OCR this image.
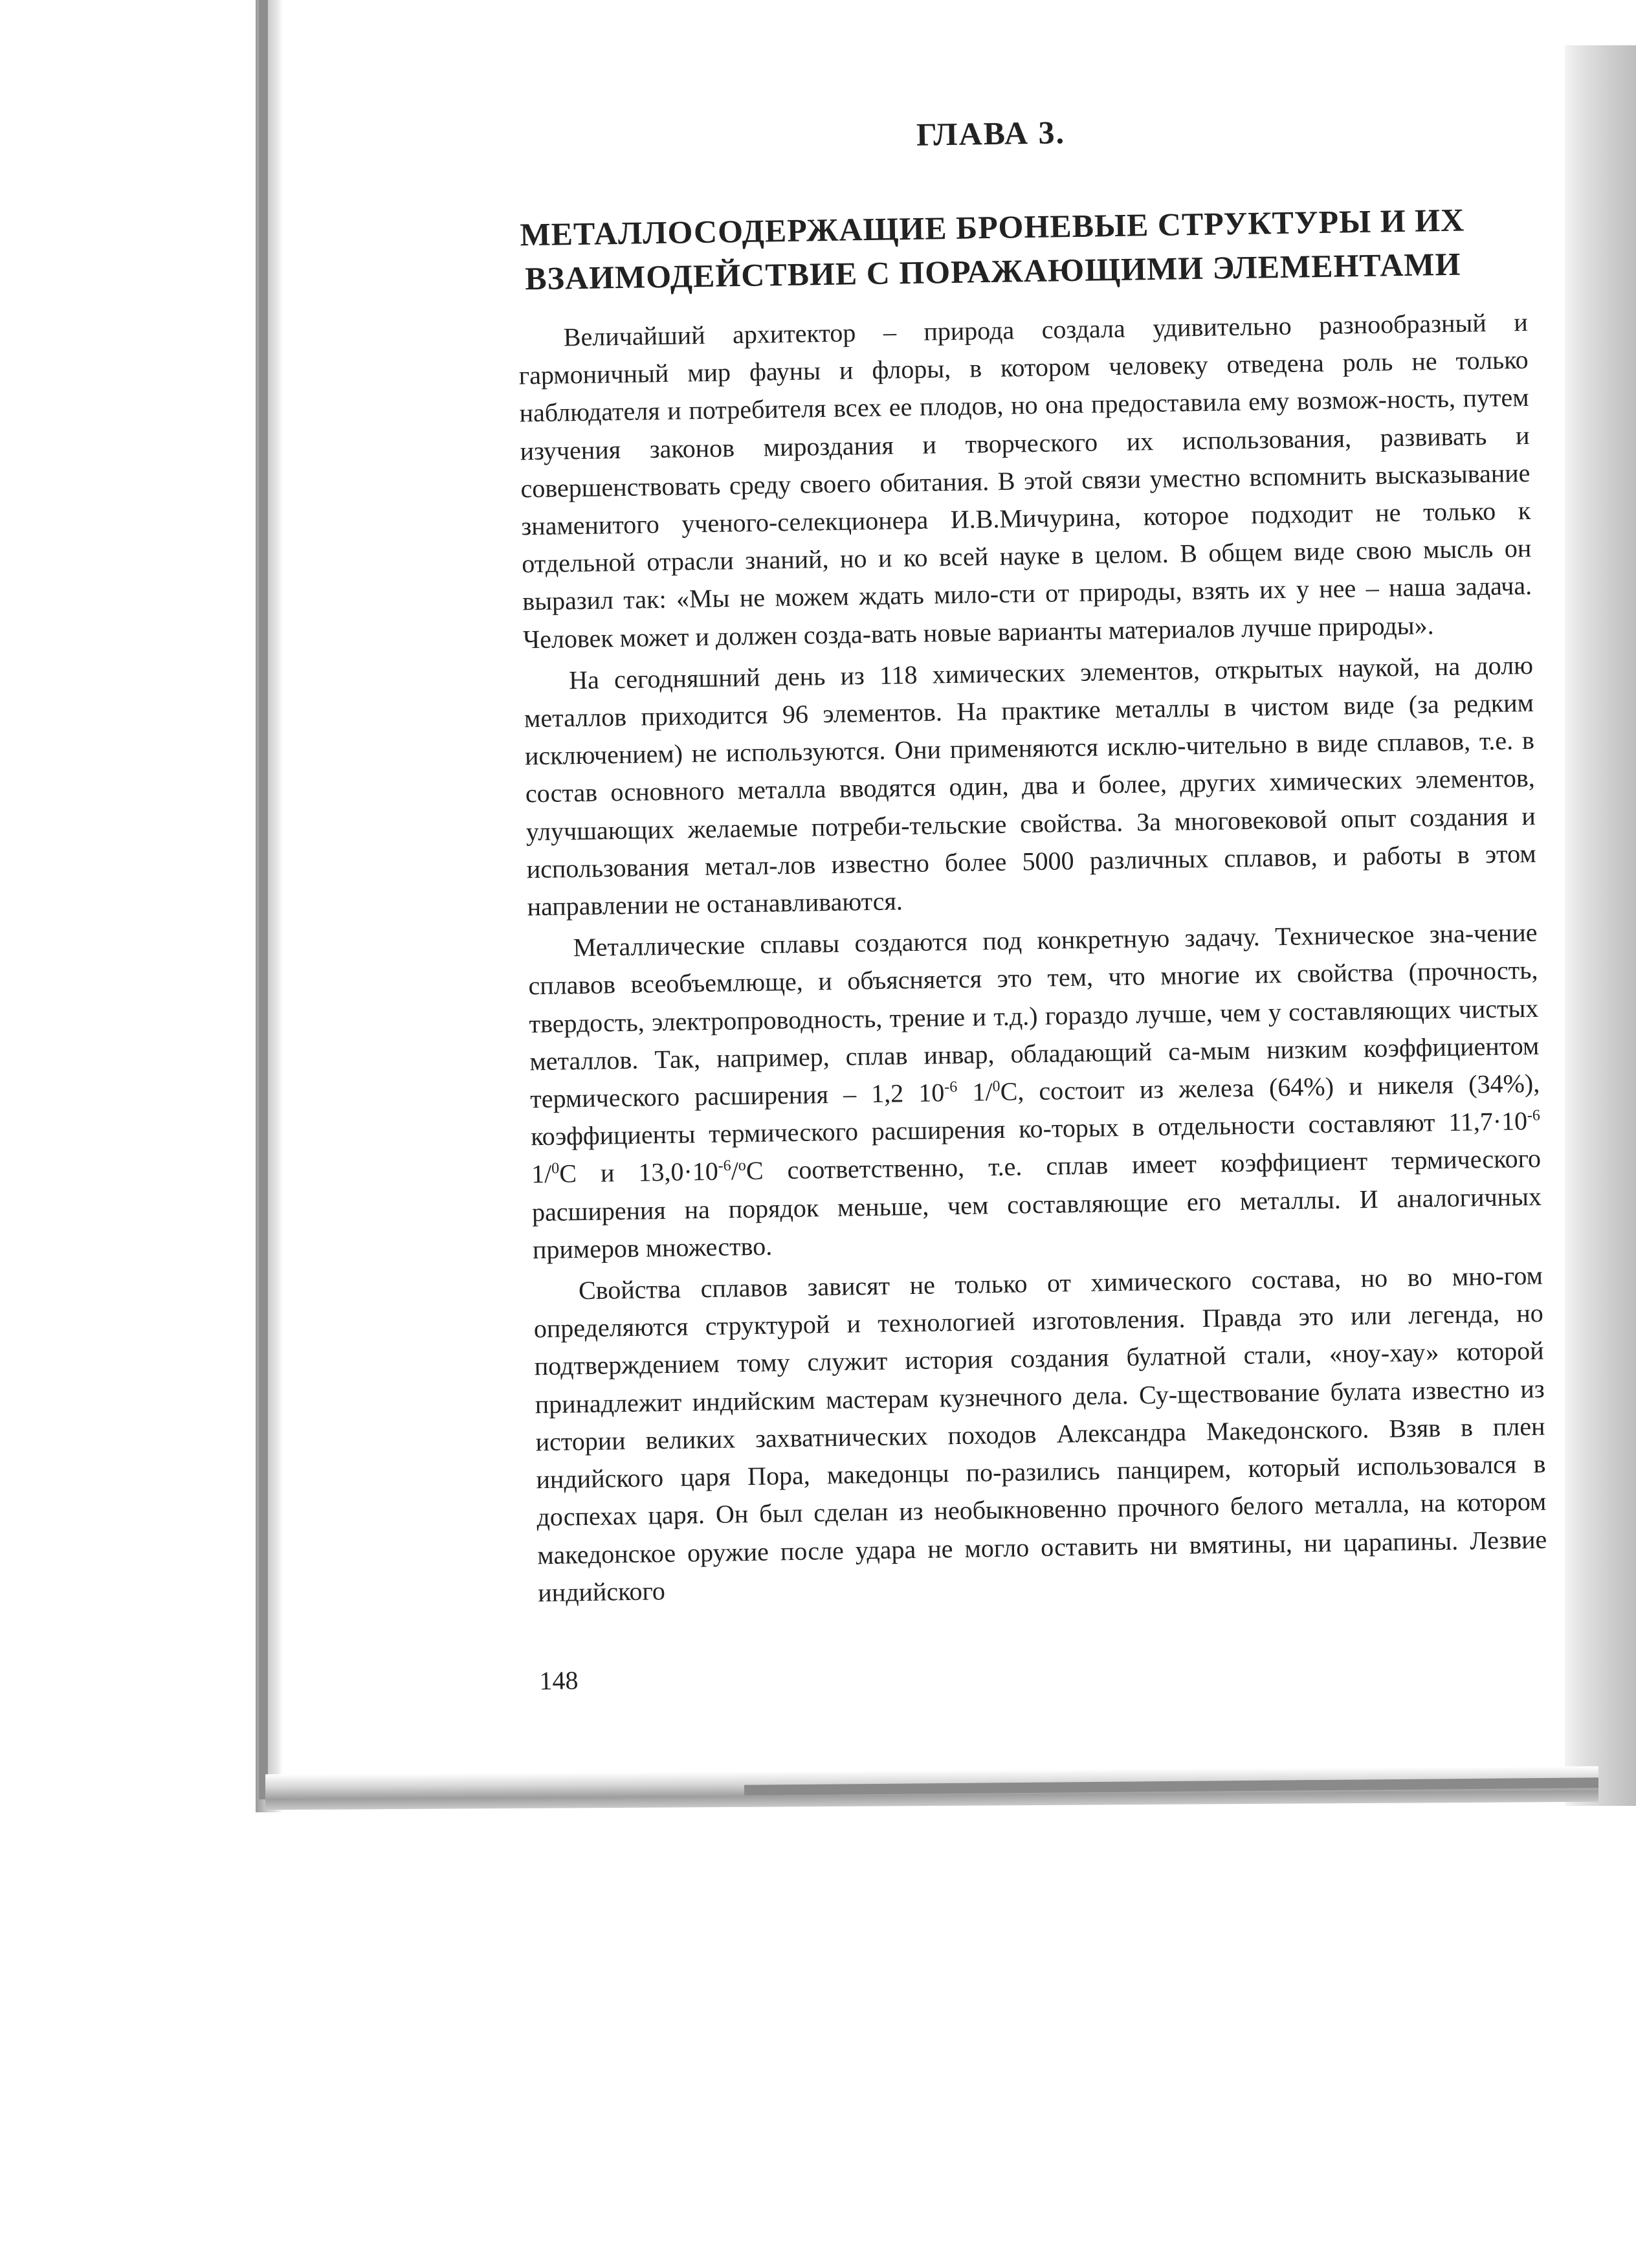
ГЛАВА 3.
МЕТАЛЛОСОДЕРЖАЩИЕ БРОНЕВЫЕ СТРУКТУРЫ И ИХ
ВЗАИМОДЕЙСТВИЕ С ПОРАЖАЮЩИМИ ЭЛЕМЕНТАМИ

Величайший архитектор – природа создала удивительно разнообразный и гармоничный мир фауны и флоры, в котором человеку отведена роль не только наблюдателя и потребителя всех ее плодов, но она предоставила ему возмож-ность, путем изучения законов мироздания и творческого их использования, развивать и совершенствовать среду своего обитания. В этой связи уместно вспомнить высказывание знаменитого ученого-селекционера И.В.Мичурина, которое подходит не только к отдельной отрасли знаний, но и ко всей науке в целом. В общем виде свою мысль он выразил так: «Мы не можем ждать мило-сти от природы, взять их у нее – наша задача. Человек может и должен созда-вать новые варианты материалов лучше природы».

На сегодняшний день из 118 химических элементов, открытых наукой, на долю металлов приходится 96 элементов. На практике металлы в чистом виде (за редким исключением) не используются. Они применяются исклю-чительно в виде сплавов, т.е. в состав основного металла вводятся один, два и более, других химических элементов, улучшающих желаемые потреби-тельские свойства. За многовековой опыт создания и использования метал-лов известно более 5000 различных сплавов, и работы в этом направлении не останавливаются.

Металлические сплавы создаются под конкретную задачу. Техническое зна-чение сплавов всеобъемлюще, и объясняется это тем, что многие их свойства (прочность, твердость, электропроводность, трение и т.д.) гораздо лучше, чем у составляющих чистых металлов. Так, например, сплав инвар, обладающий са-мым низким коэффициентом термического расширения – 1,2 $10^{-6}$ 1/$^0$С, состоит из железа (64%) и никеля (34%), коэффициенты термического расширения ко-торых в отдельности составляют $11,7\cdot 10^{-6}$ 1/$^0$С и $13,0\cdot 10^{-6}/^oС$ соответственно, т.е. сплав имеет коэффициент термического расширения на порядок меньше, чем составляющие его металлы. И аналогичных примеров множество.

Свойства сплавов зависят не только от химического состава, но во мно-гом определяются структурой и технологией изготовления. Правда это или легенда, но подтверждением тому служит история создания булатной стали, «ноу-хау» которой принадлежит индийским мастерам кузнечного дела. Су-ществование булата известно из истории великих захватнических походов Александра Македонского. Взяв в плен индийского царя Пора, македонцы по-разились панцирем, который использовался в доспехах царя. Он был сделан из необыкновенно прочного белого металла, на котором македонское оружие после удара не могло оставить ни вмятины, ни царапины. Лезвие индийского

148
